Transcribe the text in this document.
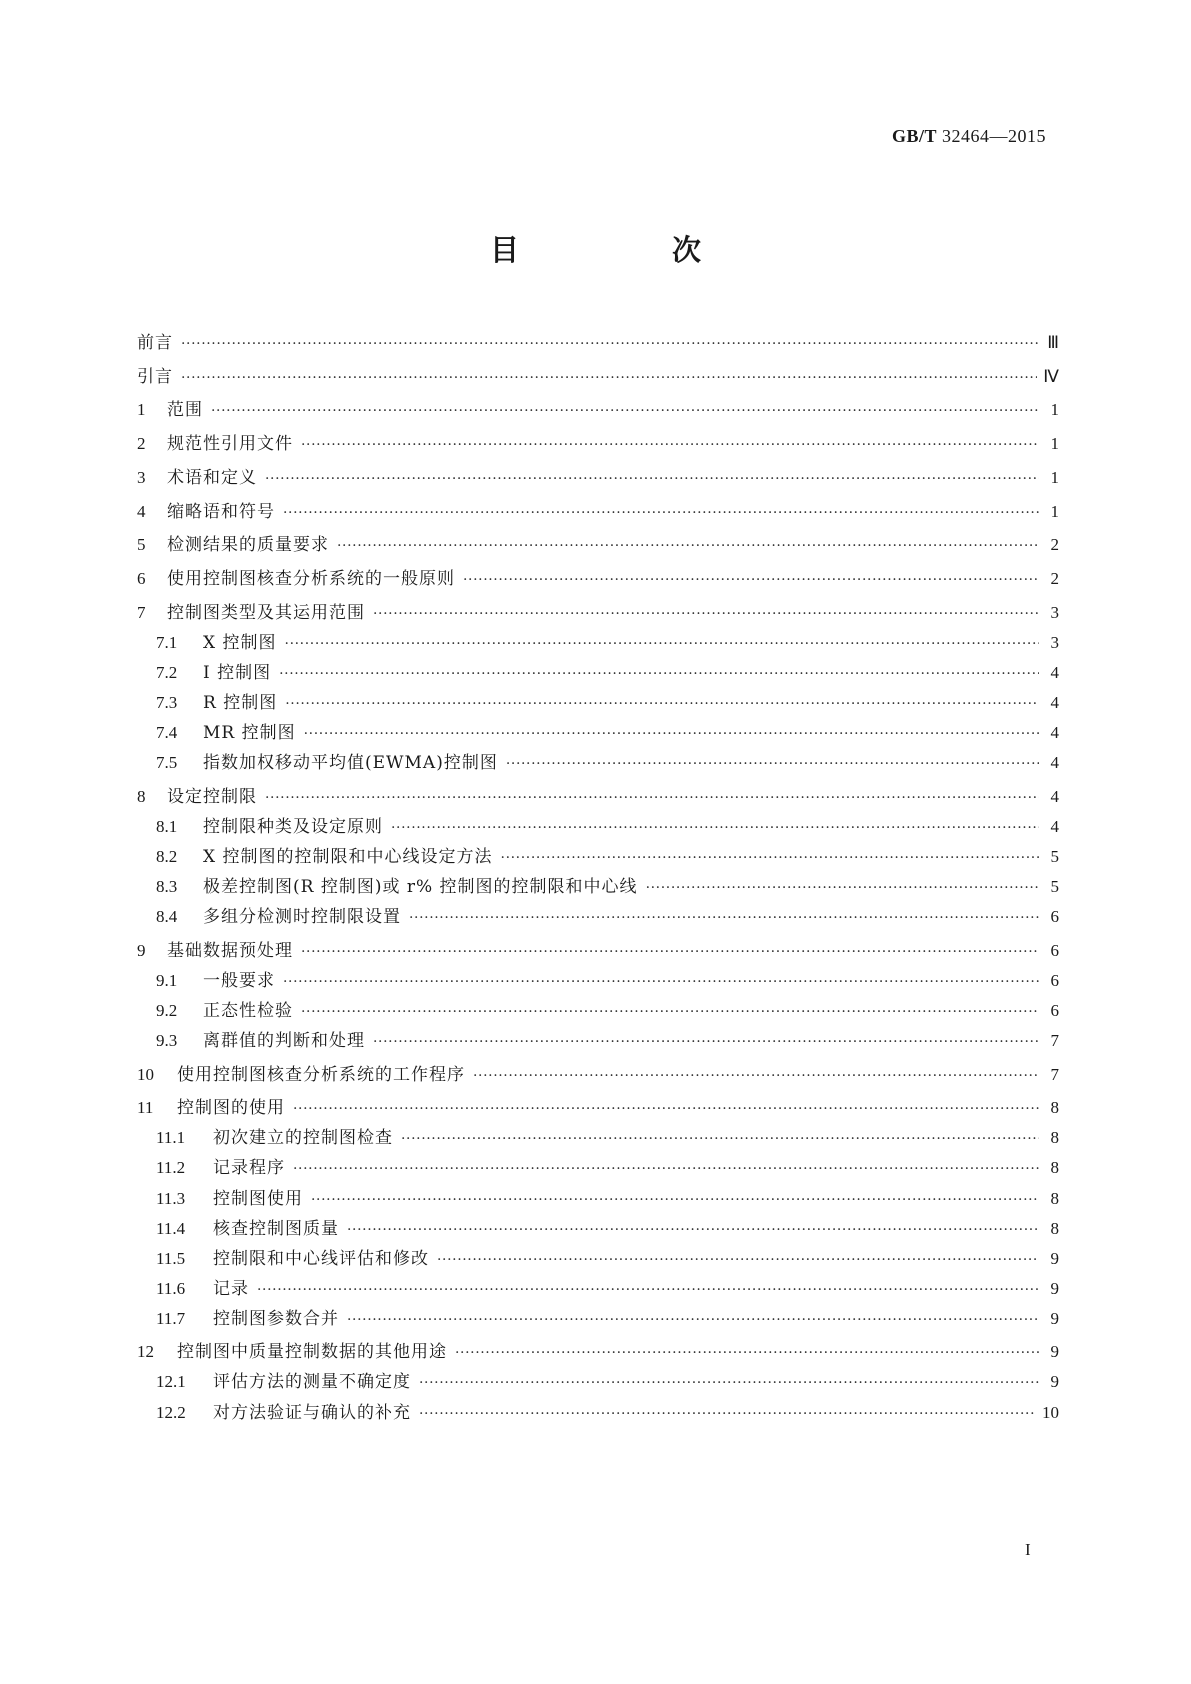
GB/T 32464—2015
目　次
前言 ·····	Ⅲ
引言 ·····	Ⅳ
1	范围 ·····	1
2	规范性引用文件 ·····	1
3	术语和定义 ·····	1
4	缩略语和符号 ·····	1
5	检测结果的质量要求 ·····	2
6	使用控制图核查分析系统的一般原则 ·····	2
7	控制图类型及其运用范围 ·····	3
7.1	X 控制图 ·····	3
7.2	I 控制图 ·····	4
7.3	R 控制图 ·····	4
7.4	MR 控制图 ·····	4
7.5	指数加权移动平均值(EWMA)控制图 ·····	4
8	设定控制限 ·····	4
8.1	控制限种类及设定原则 ·····	4
8.2	X 控制图的控制限和中心线设定方法 ·····	5
8.3	极差控制图(R 控制图)或 r% 控制图的控制限和中心线 ·····	5
8.4	多组分检测时控制限设置 ·····	6
9	基础数据预处理 ·····	6
9.1	一般要求 ·····	6
9.2	正态性检验 ·····	6
9.3	离群值的判断和处理 ·····	7
10	使用控制图核查分析系统的工作程序 ·····	7
11	控制图的使用 ·····	8
11.1	初次建立的控制图检查 ·····	8
11.2	记录程序 ·····	8
11.3	控制图使用 ·····	8
11.4	核查控制图质量 ·····	8
11.5	控制限和中心线评估和修改 ·····	9
11.6	记录 ·····	9
11.7	控制图参数合并 ·····	9
12	控制图中质量控制数据的其他用途 ·····	9
12.1	评估方法的测量不确定度 ·····	9
12.2	对方法验证与确认的补充 ·····	10
I
